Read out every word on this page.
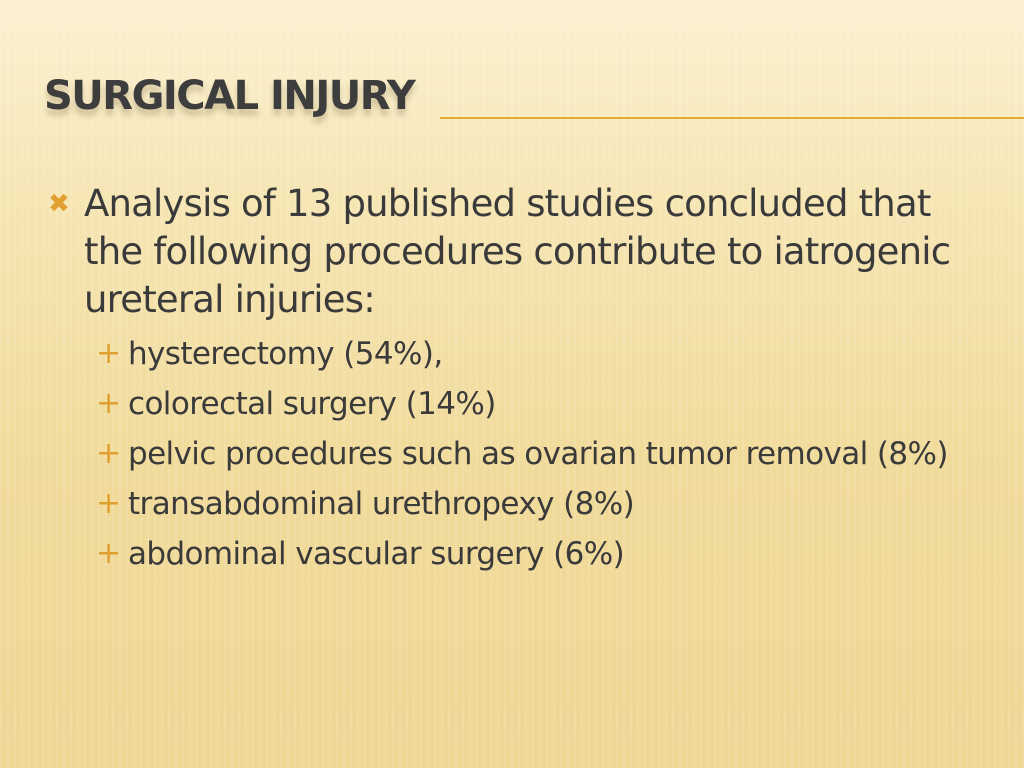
SURGICAL INJURY
✖ Analysis of 13 published studies concluded that the following procedures contribute to iatrogenic ureteral injuries:
+ hysterectomy (54%),
+ colorectal surgery (14%)
+ pelvic procedures such as ovarian tumor removal (8%)
+ transabdominal urethropexy (8%)
+ abdominal vascular surgery (6%)
